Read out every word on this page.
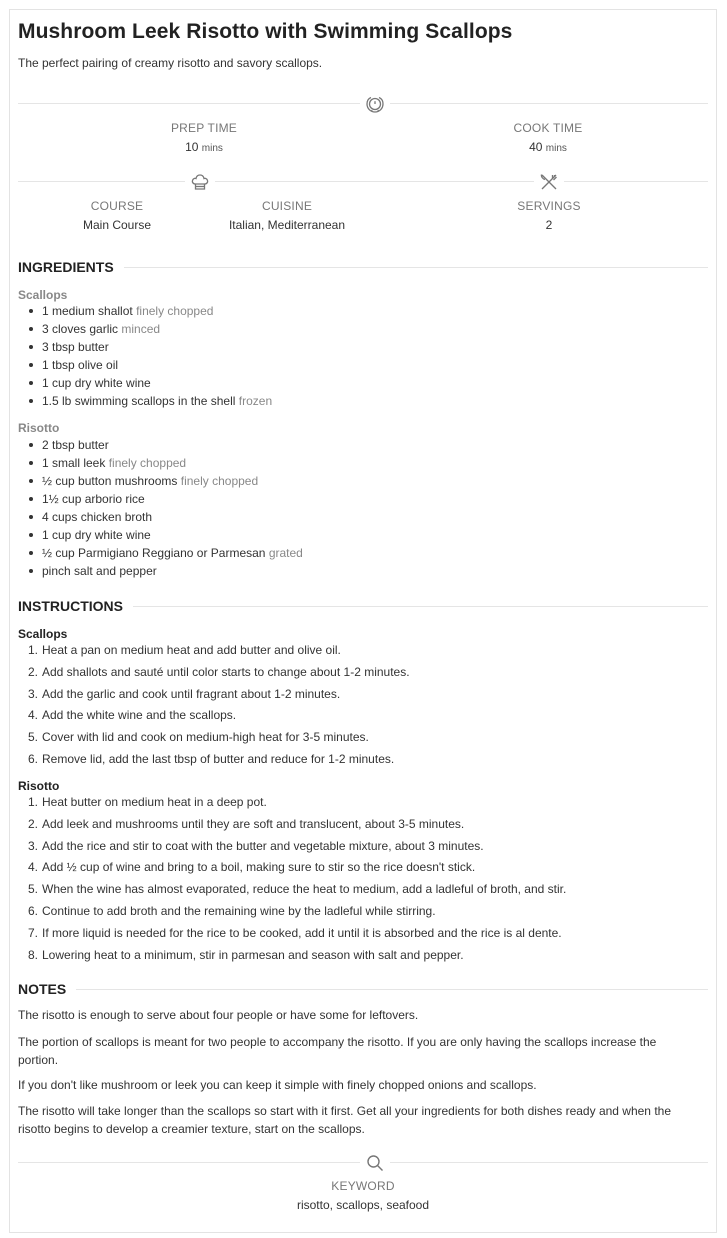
Mushroom Leek Risotto with Swimming Scallops

The perfect pairing of creamy risotto and savory scallops.

PREP TIME
10 mins
COOK TIME
40 mins
COURSE
Main Course
CUISINE
Italian, Mediterranean
SERVINGS
2
INGREDIENTS
Scallops
1 medium shallot finely chopped
3 cloves garlic minced
3 tbsp butter
1 tbsp olive oil
1 cup dry white wine
1.5 lb swimming scallops in the shell frozen
Risotto
2 tbsp butter
1 small leek finely chopped
½ cup button mushrooms finely chopped
1½ cup arborio rice
4 cups chicken broth
1 cup dry white wine
½ cup Parmigiano Reggiano or Parmesan grated
pinch salt and pepper
INSTRUCTIONS
Scallops
1. Heat a pan on medium heat and add butter and olive oil.
2. Add shallots and sauté until color starts to change about 1-2 minutes.
3. Add the garlic and cook until fragrant about 1-2 minutes.
4. Add the white wine and the scallops.
5. Cover with lid and cook on medium-high heat for 3-5 minutes.
6. Remove lid, add the last tbsp of butter and reduce for 1-2 minutes.
Risotto
1. Heat butter on medium heat in a deep pot.
2. Add leek and mushrooms until they are soft and translucent, about 3-5 minutes.
3. Add the rice and stir to coat with the butter and vegetable mixture, about 3 minutes.
4. Add ½ cup of wine and bring to a boil, making sure to stir so the rice doesn't stick.
5. When the wine has almost evaporated, reduce the heat to medium, add a ladleful of broth, and stir.
6. Continue to add broth and the remaining wine by the ladleful while stirring.
7. If more liquid is needed for the rice to be cooked, add it until it is absorbed and the rice is al dente.
8. Lowering heat to a minimum, stir in parmesan and season with salt and pepper.
NOTES

The risotto is enough to serve about four people or have some for leftovers.

The portion of scallops is meant for two people to accompany the risotto. If you are only having the scallops increase the portion.

If you don't like mushroom or leek you can keep it simple with finely chopped onions and scallops.

The risotto will take longer than the scallops so start with it first. Get all your ingredients for both dishes ready and when the risotto begins to develop a creamier texture, start on the scallops.

KEYWORD
risotto, scallops, seafood
